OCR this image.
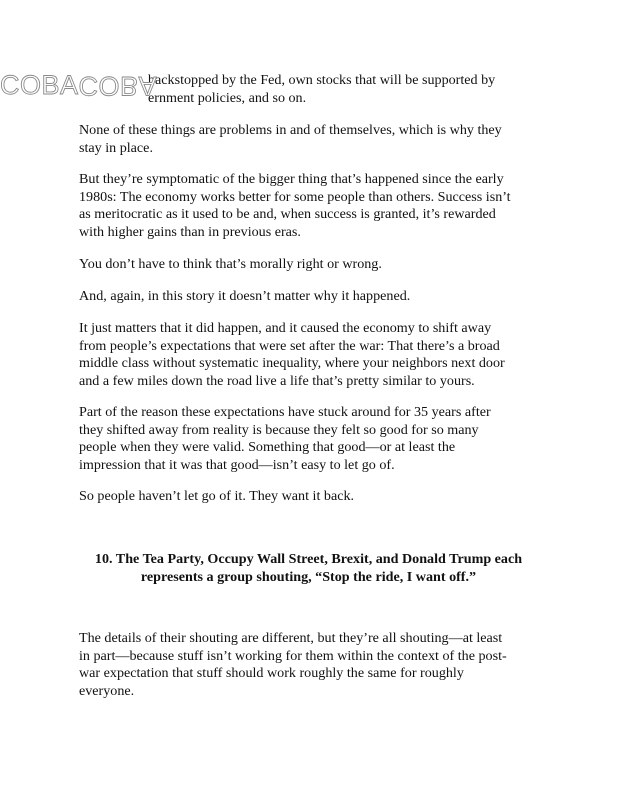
COBACOBA
backstopped by the Fed, own stocks that will be supported by
ernment policies, and so on.
None of these things are problems in and of themselves, which is why they
stay in place.
But they’re symptomatic of the bigger thing that’s happened since the early
1980s: The economy works better for some people than others. Success isn’t
as meritocratic as it used to be and, when success is granted, it’s rewarded
with higher gains than in previous eras.
You don’t have to think that’s morally right or wrong.
And, again, in this story it doesn’t matter why it happened.
It just matters that it did happen, and it caused the economy to shift away
from people’s expectations that were set after the war: That there’s a broad
middle class without systematic inequality, where your neighbors next door
and a few miles down the road live a life that’s pretty similar to yours.
Part of the reason these expectations have stuck around for 35 years after
they shifted away from reality is because they felt so good for so many
people when they were valid. Something that good—or at least the
impression that it was that good—isn’t easy to let go of.
So people haven’t let go of it. They want it back.
10. The Tea Party, Occupy Wall Street, Brexit, and Donald Trump each
represents a group shouting, “Stop the ride, I want off.”
The details of their shouting are different, but they’re all shouting—at least
in part—because stuff isn’t working for them within the context of the post-
war expectation that stuff should work roughly the same for roughly
everyone.
